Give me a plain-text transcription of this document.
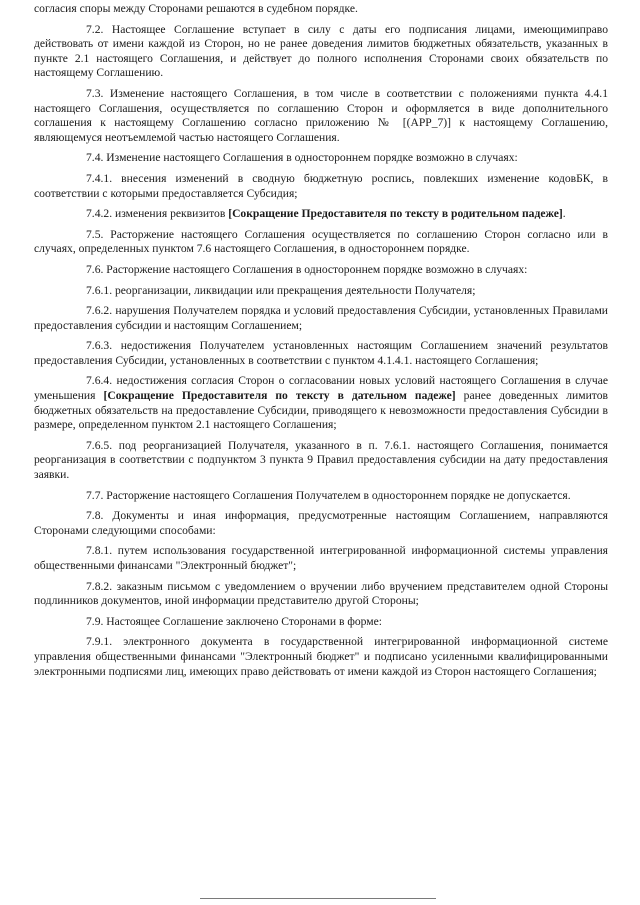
согласия споры между Сторонами решаются в судебном порядке.

7.2. Настоящее Соглашение вступает в силу с даты его подписания лицами, имеющимиправо действовать от имени каждой из Сторон, но не ранее доведения лимитов бюджетных обязательств, указанных в пункте 2.1 настоящего Соглашения, и действует до полного исполнения Сторонами своих обязательств по настоящему Соглашению.

7.3. Изменение настоящего Соглашения, в том числе в соответствии с положениями пункта 4.4.1 настоящего Соглашения, осуществляется по соглашению Сторон и оформляется в виде дополнительного соглашения к настоящему Соглашению согласно приложению № [(APP_7)] к настоящему Соглашению, являющемуся неотъемлемой частью настоящего Соглашения.

7.4. Изменение настоящего Соглашения в одностороннем порядке возможно в случаях:

7.4.1. внесения изменений в сводную бюджетную роспись, повлекших изменение кодовБК, в соответствии с которыми предоставляется Субсидия;

7.4.2. изменения реквизитов [Сокращение Предоставителя по тексту в родительном падеже].

7.5. Расторжение настоящего Соглашения осуществляется по соглашению Сторон согласно или в случаях, определенных пунктом 7.6 настоящего Соглашения, в одностороннем порядке.

7.6. Расторжение настоящего Соглашения в одностороннем порядке возможно в случаях:

7.6.1. реорганизации, ликвидации или прекращения деятельности Получателя;

7.6.2. нарушения Получателем порядка и условий предоставления Субсидии, установленных Правилами предоставления субсидии и настоящим Соглашением;

7.6.3. недостижения Получателем установленных настоящим Соглашением значений результатов предоставления Субсидии, установленных в соответствии с пунктом 4.1.4.1. настоящего Соглашения;

7.6.4. недостижения согласия Сторон о согласовании новых условий настоящего Соглашения в случае уменьшения [Сокращение Предоставителя по тексту в дательном падеже] ранее доведенных лимитов бюджетных обязательств на предоставление Субсидии, приводящего к невозможности предоставления Субсидии в размере, определенном пунктом 2.1 настоящего Соглашения;

7.6.5. под реорганизацией Получателя, указанного в п. 7.6.1. настоящего Соглашения, понимается реорганизация в соответствии с подпунктом 3 пункта 9 Правил предоставления субсидии на дату предоставления заявки.

7.7. Расторжение настоящего Соглашения Получателем в одностороннем порядке не допускается.

7.8. Документы и иная информация, предусмотренные настоящим Соглашением, направляются Сторонами следующими способами:

7.8.1. путем использования государственной интегрированной информационной системы управления общественными финансами "Электронный бюджет";

7.8.2. заказным письмом с уведомлением о вручении либо вручением представителем одной Стороны подлинников документов, иной информации представителю другой Стороны;

7.9. Настоящее Соглашение заключено Сторонами в форме:

7.9.1. электронного документа в государственной интегрированной информационной системе управления общественными финансами "Электронный бюджет" и подписано усиленными квалифицированными электронными подписями лиц, имеющих право действовать от имени каждой из Сторон настоящего Соглашения;
